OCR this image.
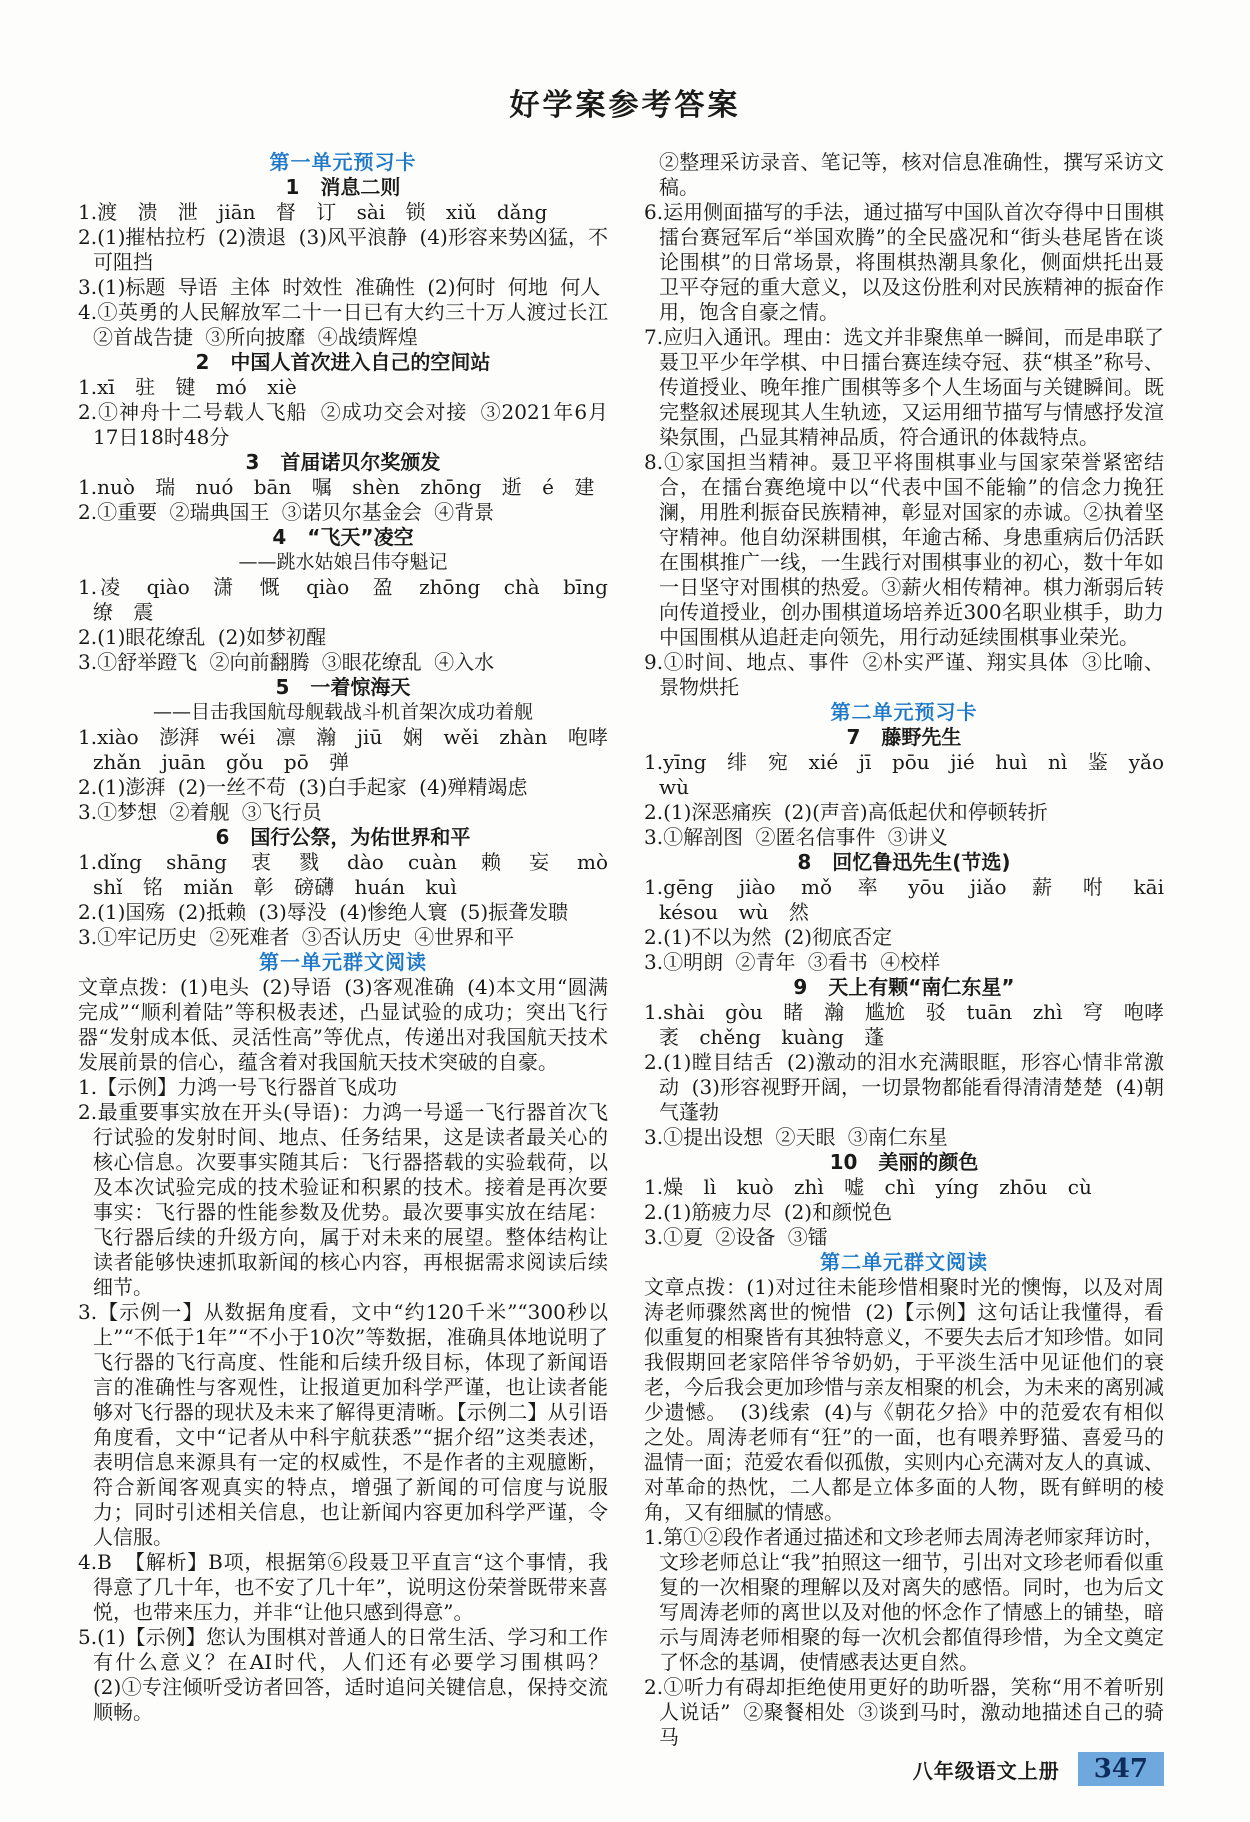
好学案参考答案

第一单元预习卡

1 消息二则

1.渡 溃 泄 jiān 督 订 sài 锁 xiǔ dǎng

2.(1)摧枯拉朽 (2)溃退 (3)风平浪静 (4)形容来势凶猛，不可阻挡

3.(1)标题 导语 主体 时效性 准确性 (2)何时 何地 何人

4.①英勇的人民解放军二十一日已有大约三十万人渡过长江 ②首战告捷 ③所向披靡 ④战绩辉煌

2 中国人首次进入自己的空间站

1.xī 驻 键 mó xiè

2.①神舟十二号载人飞船 ②成功交会对接 ③2021年6月17日18时48分

3 首届诺贝尔奖颁发

1.nuò 瑞 nuó bān 嘱 shèn zhōng 逝 é 建

2.①重要 ②瑞典国王 ③诺贝尔基金会 ④背景

4 “飞天”凌空

——跳水姑娘吕伟夺魁记

1.凌 qiào 潇 慨 qiào 盈 zhōng chà bīng 缭 震

2.(1)眼花缭乱 (2)如梦初醒

3.①舒举蹬飞 ②向前翻腾 ③眼花缭乱 ④入水

5 一着惊海天

——目击我国航母舰载战斗机首架次成功着舰

1.xiào 澎湃 wéi 凛 瀚 jiū 娴 wěi zhàn 咆哮 zhǎn juān gǒu pō 弹

2.(1)澎湃 (2)一丝不苟 (3)白手起家 (4)殚精竭虑

3.①梦想 ②着舰 ③飞行员

6 国行公祭，为佑世界和平

1.dǐng shāng 衷 戮 dào cuàn 赖 妄 mò shǐ 铭 miǎn 彰 磅礴 huán kuì

2.(1)国殇 (2)抵赖 (3)辱没 (4)惨绝人寰 (5)振聋发聩

3.①牢记历史 ②死难者 ③否认历史 ④世界和平

第一单元群文阅读

文章点拨：(1)电头 (2)导语 (3)客观准确 (4)本文用“圆满完成”“顺利着陆”等积极表述，凸显试验的成功；突出飞行器“发射成本低、灵活性高”等优点，传递出对我国航天技术发展前景的信心，蕴含着对我国航天技术突破的自豪。

1.【示例】力鸿一号飞行器首飞成功

2.最重要事实放在开头(导语)：力鸿一号遥一飞行器首次飞行试验的发射时间、地点、任务结果，这是读者最关心的核心信息。次要事实随其后：飞行器搭载的实验载荷，以及本次试验完成的技术验证和积累的技术。接着是再次要事实：飞行器的性能参数及优势。最次要事实放在结尾：飞行器后续的升级方向，属于对未来的展望。整体结构让读者能够快速抓取新闻的核心内容，再根据需求阅读后续细节。

3.【示例一】从数据角度看，文中“约120千米”“300秒以上”“不低于1年”“不小于10次”等数据，准确具体地说明了飞行器的飞行高度、性能和后续升级目标，体现了新闻语言的准确性与客观性，让报道更加科学严谨，也让读者能够对飞行器的现状及未来了解得更清晰。【示例二】从引语角度看，文中“记者从中科宇航获悉”“据介绍”这类表述，表明信息来源具有一定的权威性，不是作者的主观臆断，符合新闻客观真实的特点，增强了新闻的可信度与说服力；同时引述相关信息，也让新闻内容更加科学严谨，令人信服。

4.B 【解析】B项，根据第⑥段聂卫平直言“这个事情，我得意了几十年，也不安了几十年”，说明这份荣誉既带来喜悦，也带来压力，并非“让他只感到得意”。

5.(1)【示例】您认为围棋对普通人的日常生活、学习和工作有什么意义？在AI时代，人们还有必要学习围棋吗？ (2)①专注倾听受访者回答，适时追问关键信息，保持交流顺畅。

②整理采访录音、笔记等，核对信息准确性，撰写采访文稿。

6.运用侧面描写的手法，通过描写中国队首次夺得中日围棋擂台赛冠军后“举国欢腾”的全民盛况和“街头巷尾皆在谈论围棋”的日常场景，将围棋热潮具象化，侧面烘托出聂卫平夺冠的重大意义，以及这份胜利对民族精神的振奋作用，饱含自豪之情。

7.应归入通讯。理由：选文并非聚焦单一瞬间，而是串联了聂卫平少年学棋、中日擂台赛连续夺冠、获“棋圣”称号、传道授业、晚年推广围棋等多个人生场面与关键瞬间。既完整叙述展现其人生轨迹，又运用细节描写与情感抒发渲染氛围，凸显其精神品质，符合通讯的体裁特点。

8.①家国担当精神。聂卫平将围棋事业与国家荣誉紧密结合，在擂台赛绝境中以“代表中国不能输”的信念力挽狂澜，用胜利振奋民族精神，彰显对国家的赤诚。②执着坚守精神。他自幼深耕围棋，年逾古稀、身患重病后仍活跃在围棋推广一线，一生践行对围棋事业的初心，数十年如一日坚守对围棋的热爱。③薪火相传精神。棋力渐弱后转向传道授业，创办围棋道场培养近300名职业棋手，助力中国围棋从追赶走向领先，用行动延续围棋事业荣光。

9.①时间、地点、事件 ②朴实严谨、翔实具体 ③比喻、景物烘托

第二单元预习卡

7 藤野先生

1.yīng 绯 宛 xié jī pōu jié huì nì 鉴 yǎo wù

2.(1)深恶痛疾 (2)(声音)高低起伏和停顿转折

3.①解剖图 ②匿名信事件 ③讲义

8 回忆鲁迅先生(节选)

1.gēng jiào mǒ 率 yōu jiǎo 薪 咐 kāi késou wù 然

2.(1)不以为然 (2)彻底否定

3.①明朗 ②青年 ③看书 ④校样

9 天上有颗“南仁东星”

1.shài gòu 睹 瀚 尴尬 驳 tuān zhì 穹 咆哮 袤 chěng kuàng 蓬

2.(1)瞠目结舌 (2)激动的泪水充满眼眶，形容心情非常激动 (3)形容视野开阔，一切景物都能看得清清楚楚 (4)朝气蓬勃

3.①提出设想 ②天眼 ③南仁东星

10 美丽的颜色

1.燥 lì kuò zhì 嘘 chì yíng zhōu cù

2.(1)筋疲力尽 (2)和颜悦色

3.①夏 ②设备 ③镭

第二单元群文阅读

文章点拨：(1)对过往未能珍惜相聚时光的懊悔，以及对周涛老师骤然离世的惋惜 (2)【示例】这句话让我懂得，看似重复的相聚皆有其独特意义，不要失去后才知珍惜。如同我假期回老家陪伴爷爷奶奶，于平淡生活中见证他们的衰老，今后我会更加珍惜与亲友相聚的机会，为未来的离别减少遗憾。 (3)线索 (4)与《朝花夕拾》中的范爱农有相似之处。周涛老师有“狂”的一面，也有喂养野猫、喜爱马的温情一面；范爱农看似孤傲，实则内心充满对友人的真诚、对革命的热忱，二人都是立体多面的人物，既有鲜明的棱角，又有细腻的情感。

1.第①②段作者通过描述和文珍老师去周涛老师家拜访时，文珍老师总让“我”拍照这一细节，引出对文珍老师看似重复的一次相聚的理解以及对离失的感悟。同时，也为后文写周涛老师的离世以及对他的怀念作了情感上的铺垫，暗示与周涛老师相聚的每一次机会都值得珍惜，为全文奠定了怀念的基调，使情感表达更自然。

2.①听力有碍却拒绝使用更好的助听器，笑称“用不着听别人说话” ②聚餐相处 ③谈到马时，激动地描述自己的骑马

八年级语文上册	347
